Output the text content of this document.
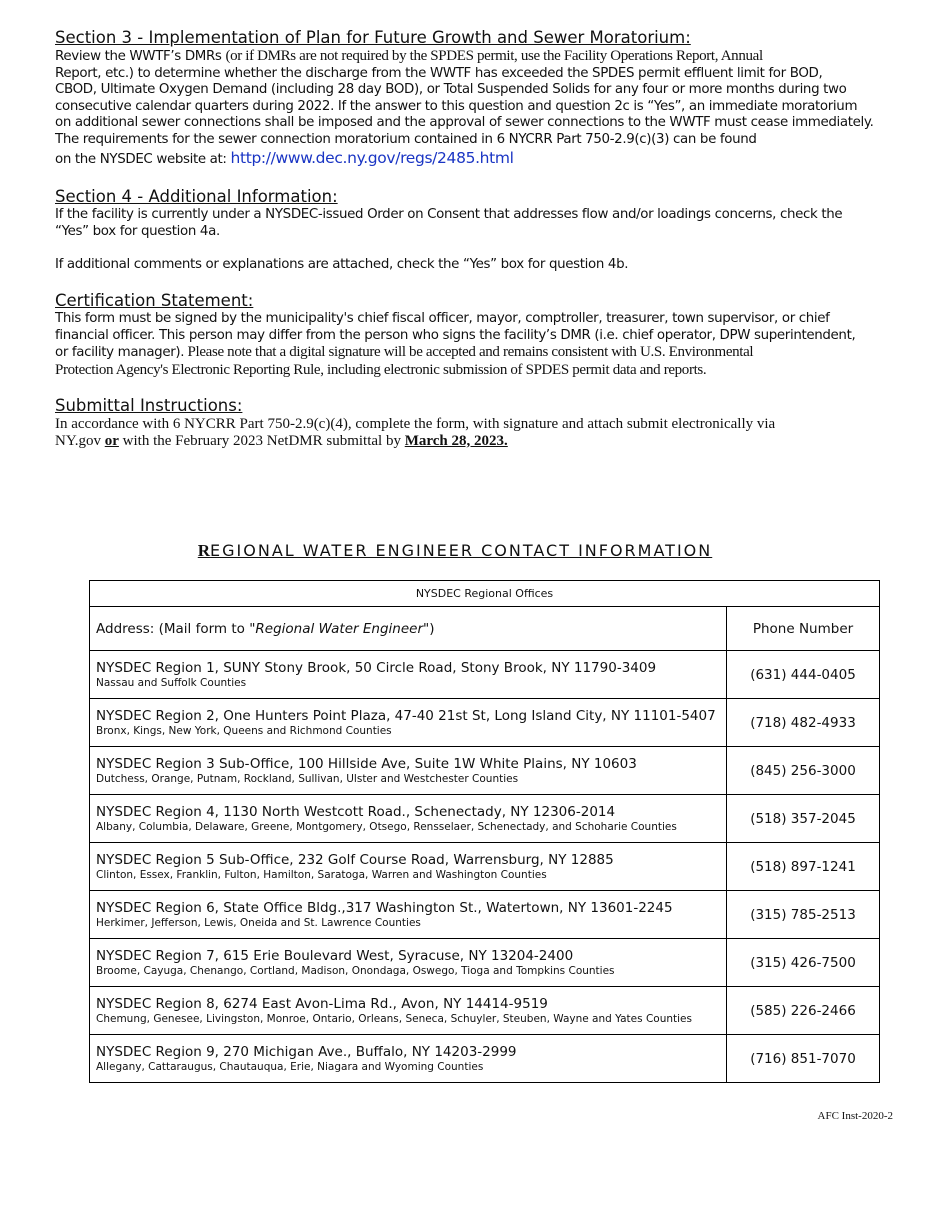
Section 3 - Implementation of Plan for Future Growth and Sewer Moratorium:

Review the WWTF’s DMRs (or if DMRs are not required by the SPDES permit, use the Facility Operations Report, Annual
Report, etc.) to determine whether the discharge from the WWTF has exceeded the SPDES permit effluent limit for BOD,
CBOD, Ultimate Oxygen Demand (including 28 day BOD), or Total Suspended Solids for any four or more months during two
consecutive calendar quarters during 2022. If the answer to this question and question 2c is “Yes”, an immediate moratorium
on additional sewer connections shall be imposed and the approval of sewer connections to the WWTF must cease immediately.
The requirements for the sewer connection moratorium contained in 6 NYCRR Part 750-2.9(c)(3) can be found
on the NYSDEC website at: http://www.dec.ny.gov/regs/2485.html

Section 4 - Additional Information:

If the facility is currently under a NYSDEC-issued Order on Consent that addresses flow and/or loadings concerns, check the
“Yes” box for question 4a.
If additional comments or explanations are attached, check the “Yes” box for question 4b.

Certification Statement:

This form must be signed by the municipality's chief fiscal officer, mayor, comptroller, treasurer, town supervisor, or chief
financial officer. This person may differ from the person who signs the facility’s DMR (i.e. chief operator, DPW superintendent,
or facility manager). Please note that a digital signature will be accepted and remains consistent with U.S. Environmental
Protection Agency's Electronic Reporting Rule, including electronic submission of SPDES permit data and reports.

Submittal Instructions:

In accordance with 6 NYCRR Part 750-2.9(c)(4), complete the form, with signature and attach submit electronically via
NY.gov or with the February 2023 NetDMR submittal by March 28, 2023.
REGIONAL WATER ENGINEER CONTACT INFORMATION
NYSDEC Regional Offices	
Address: (Mail form to "Regional Water Engineer")	Phone Number

NYSDEC Region 1, SUNY Stony Brook, 50 Circle Road, Stony Brook, NY 11790-3409
Nassau and Suffolk Counties	(631) 444-0405

NYSDEC Region 2, One Hunters Point Plaza, 47-40 21st St, Long Island City, NY 11101-5407
Bronx, Kings, New York, Queens and Richmond Counties	(718) 482-4933

NYSDEC Region 3 Sub-Office, 100 Hillside Ave, Suite 1W White Plains, NY 10603
Dutchess, Orange, Putnam, Rockland, Sullivan, Ulster and Westchester Counties	(845) 256-3000

NYSDEC Region 4, 1130 North Westcott Road., Schenectady, NY 12306-2014
Albany, Columbia, Delaware, Greene, Montgomery, Otsego, Rensselaer, Schenectady, and Schoharie Counties	(518) 357-2045

NYSDEC Region 5 Sub-Office, 232 Golf Course Road, Warrensburg, NY 12885
Clinton, Essex, Franklin, Fulton, Hamilton, Saratoga, Warren and Washington Counties	(518) 897-1241

NYSDEC Region 6, State Office Bldg.,317 Washington St., Watertown, NY 13601-2245
Herkimer, Jefferson, Lewis, Oneida and St. Lawrence Counties	(315) 785-2513

NYSDEC Region 7, 615 Erie Boulevard West, Syracuse, NY 13204-2400
Broome, Cayuga, Chenango, Cortland, Madison, Onondaga, Oswego, Tioga and Tompkins Counties	(315) 426-7500

NYSDEC Region 8, 6274 East Avon-Lima Rd., Avon, NY 14414-9519
Chemung, Genesee, Livingston, Monroe, Ontario, Orleans, Seneca, Schuyler, Steuben, Wayne and Yates Counties	(585) 226-2466

NYSDEC Region 9, 270 Michigan Ave., Buffalo, NY 14203-2999
Allegany, Cattaraugus, Chautauqua, Erie, Niagara and Wyoming Counties	(716) 851-7070
AFC Inst-2020-2
